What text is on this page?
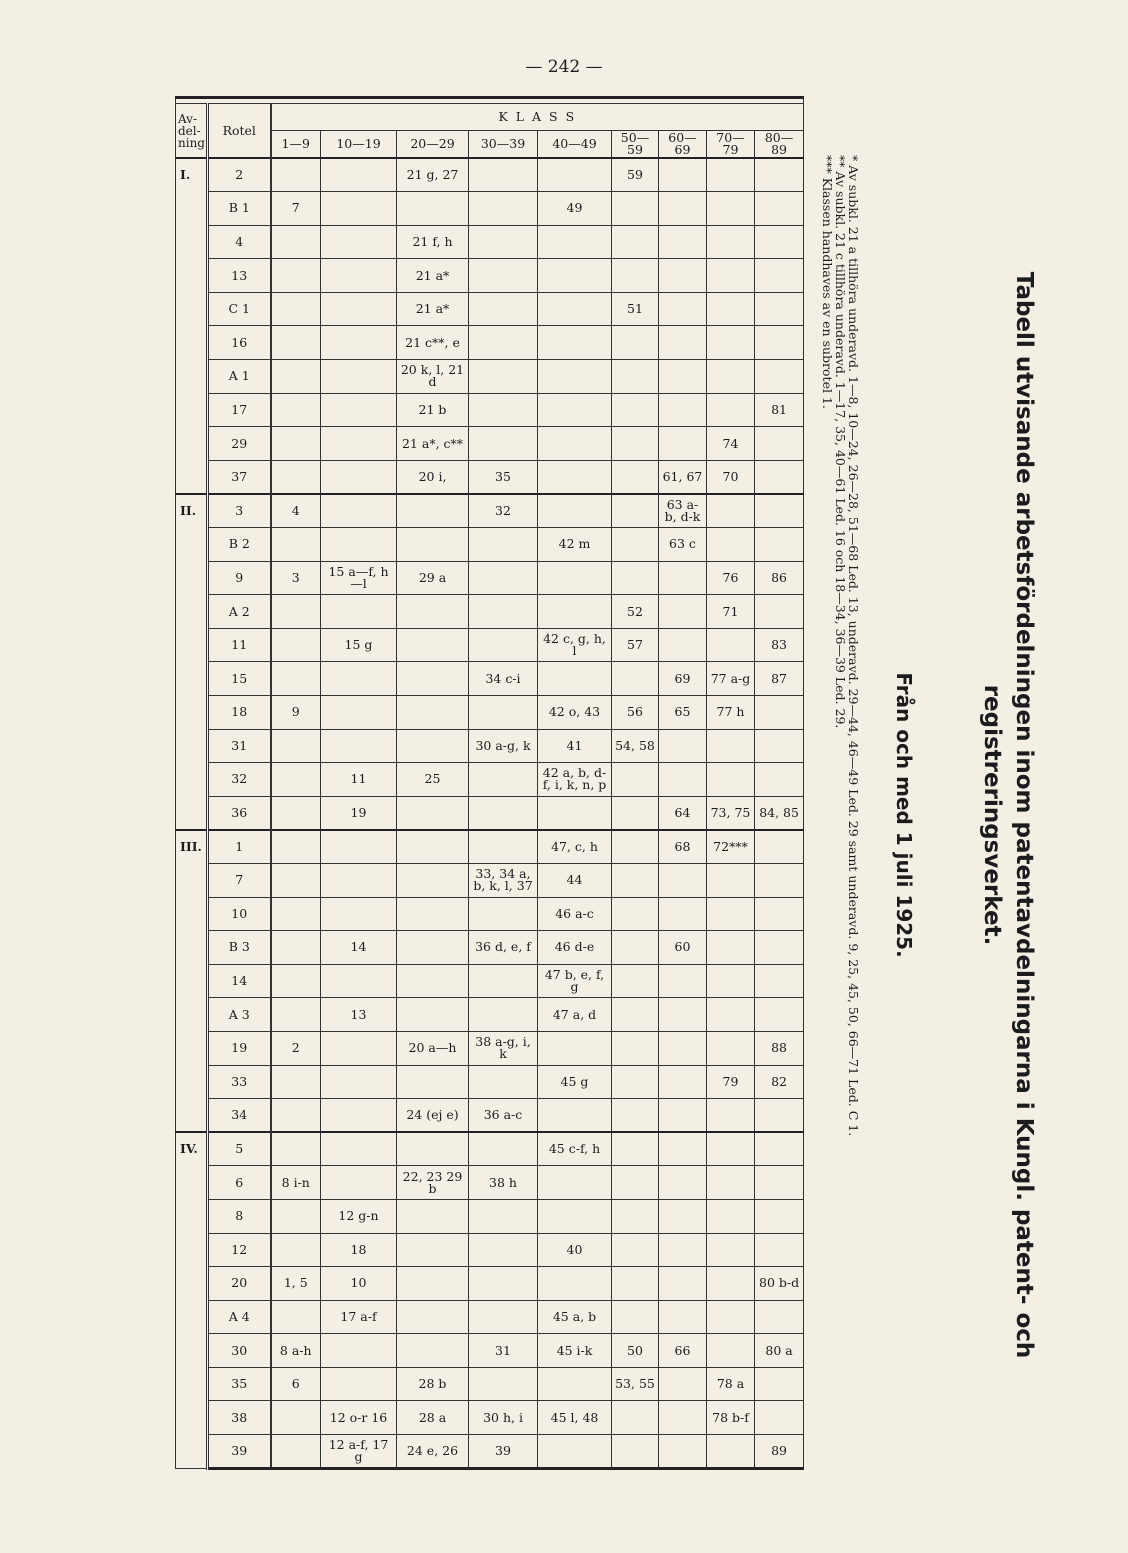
— 242 —

Av-del-ning	Rotel	K L A S S								
		1—9	10—19	20—29	30—39	40—49	50—59	60—69	70—79	80—89
I.	2			21 g, 27			59			
	B 1	7				49				
	4			21 f, h						
	13			21 a*						
	C 1			21 a*			51			
	16			21 c**, e						
	A 1			20 k, l, 21 d						
	17			21 b						81
	29			21 a*, c**					74	
	37			20 i,	35			61, 67	70	
II.	3	4			32			63 a-b, d-k		
	B 2					42 m		63 c		
	9	3	15 a—f, h—l	29 a					76	86
	A 2						52		71	
	11		15 g			42 c, g, h, l	57			83
	15				34 c-i			69	77 a-g	87
	18	9				42 o, 43	56	65	77 h	
	31				30 a-g, k	41	54, 58			
	32		11	25		42 a, b, d-f, i, k, n, p				
	36		19					64	73, 75	84, 85
III.	1					47, c, h		68	72***	
	7				33, 34 a, b, k, l, 37	44				
	10					46 a-c				
	B 3		14		36 d, e, f	46 d-e		60		
	14					47 b, e, f, g				
	A 3		13			47 a, d				
	19	2		20 a—h	38 a-g, i, k					88
	33					45 g			79	82
	34			24 (ej e)	36 a-c					
IV.	5					45 c-f, h				
	6	8 i-n		22, 23 29 b	38 h					
	8		12 g-n							
	12		18			40				
	20	1, 5	10							80 b-d
	A 4		17 a-f			45 a, b				
	30	8 a-h			31	45 i-k	50	66		80 a
	35	6		28 b			53, 55		78 a	
	38		12 o-r 16	28 a	30 h, i	45 l, 48			78 b-f	
	39		12 a-f, 17 g	24 e, 26	39					89
Tabell utvisande arbetsfördelningen inom patentavdelningarna i Kungl. patent- och
registreringsverket.
Från och med 1 juli 1925.
* Av subkl. 21 a tillhöra underavd. 1—8, 10—24, 26—28, 51—68 Led. 13, underavd. 29—44, 46—49 Led. 29 samt underavd. 9, 25, 45, 50, 66—71 Led. C 1.
** Av subkl. 21 c tillhöra underavd. 1—17, 35, 40—61 Led. 16 och 18—34, 36—39 Led. 29.
*** Klassen handhaves av en subrotel 1.
